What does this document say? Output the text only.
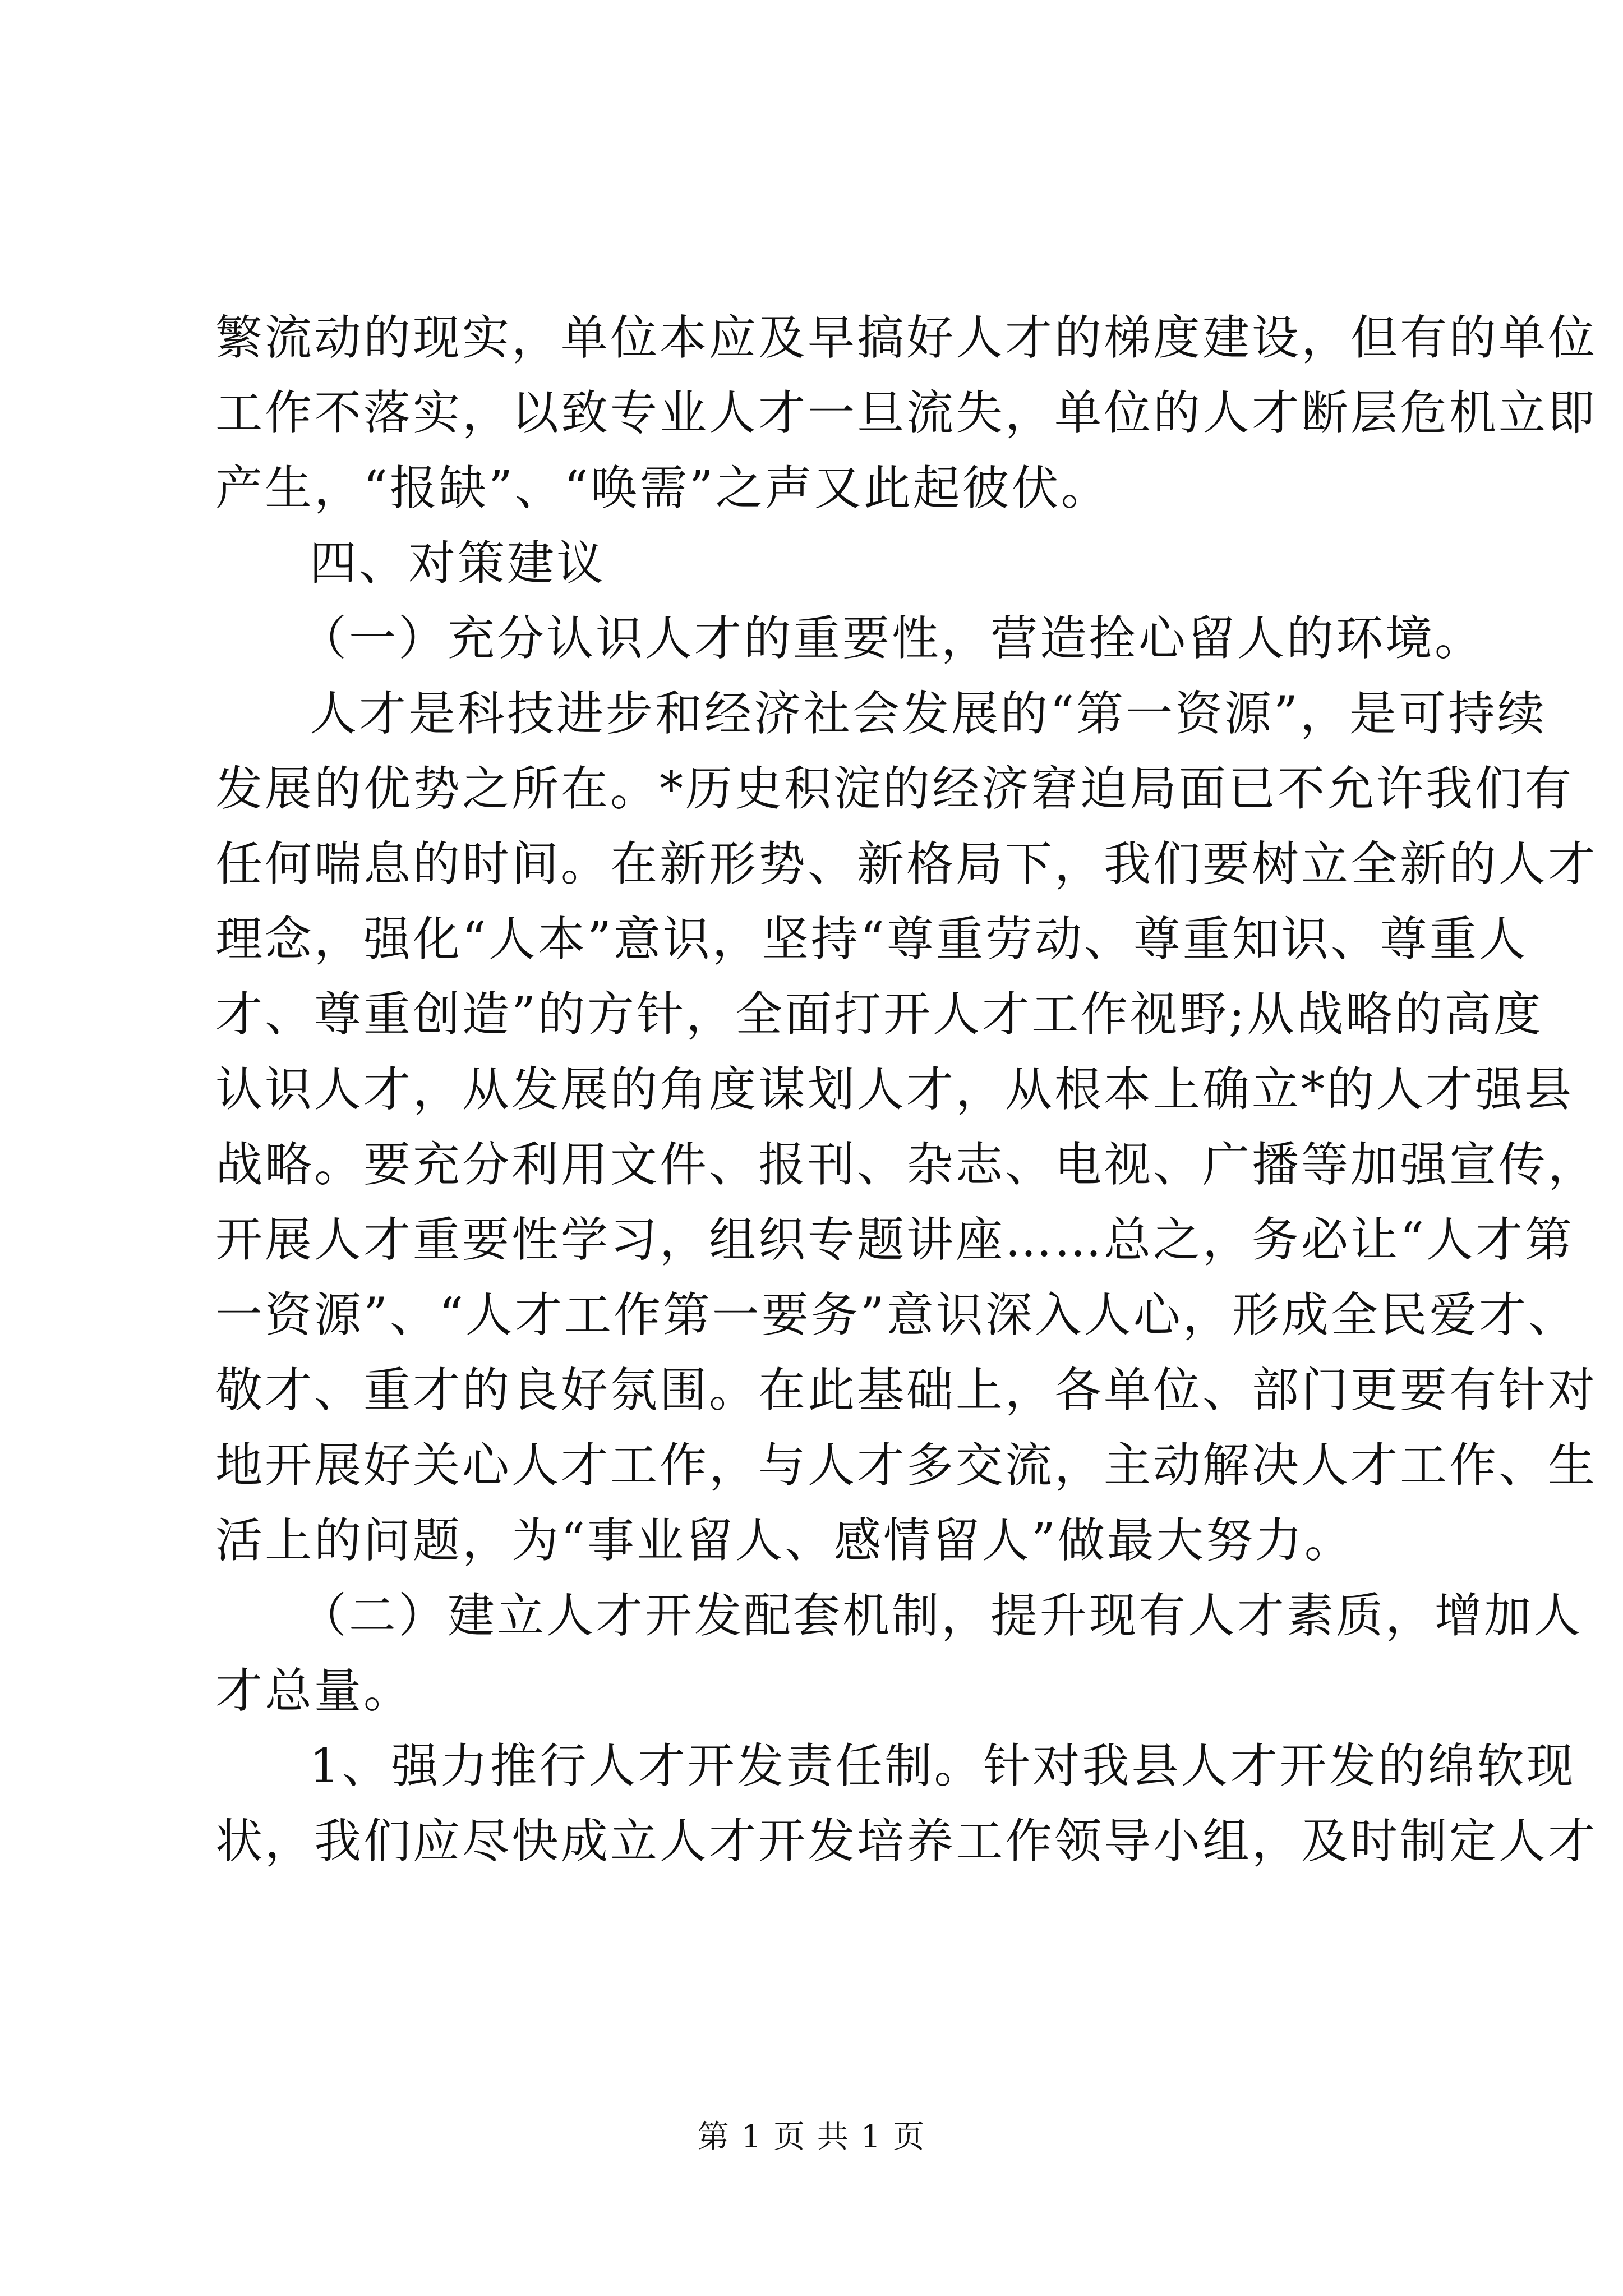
繁流动的现实，单位本应及早搞好人才的梯度建设，但有的单位
工作不落实，以致专业人才一旦流失，单位的人才断层危机立即
产生，“报缺”、“唤需”之声又此起彼伏。
四、对策建议
（一）充分认识人才的重要性，营造拴心留人的环境。
人才是科技进步和经济社会发展的“第一资源”，是可持续
发展的优势之所在。*历史积淀的经济窘迫局面已不允许我们有
任何喘息的时间。在新形势、新格局下，我们要树立全新的人才
理念，强化“人本”意识，坚持“尊重劳动、尊重知识、尊重人
才、尊重创造”的方针，全面打开人才工作视野;从战略的高度
认识人才，从发展的角度谋划人才，从根本上确立*的人才强县
战略。要充分利用文件、报刊、杂志、电视、广播等加强宣传，
开展人才重要性学习，组织专题讲座……总之，务必让“人才第
一资源”、“人才工作第一要务”意识深入人心，形成全民爱才、
敬才、重才的良好氛围。在此基础上，各单位、部门更要有针对
地开展好关心人才工作，与人才多交流，主动解决人才工作、生
活上的问题，为“事业留人、感情留人”做最大努力。
（二）建立人才开发配套机制，提升现有人才素质，增加人
才总量。
1、强力推行人才开发责任制。针对我县人才开发的绵软现
状，我们应尽快成立人才开发培养工作领导小组，及时制定人才
第 1 页 共 1 页
